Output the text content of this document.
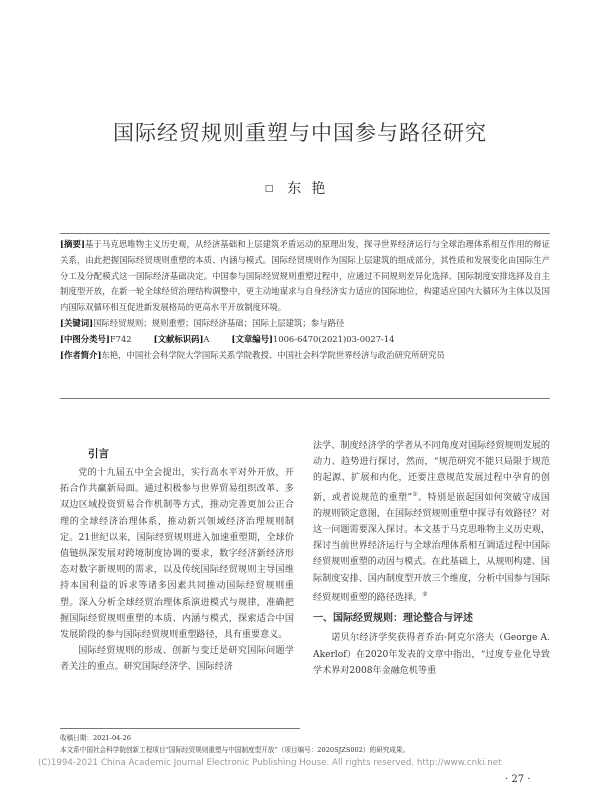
国际经贸规则重塑与中国参与路径研究
□ 东艳

[摘要]基于马克思唯物主义历史观，从经济基础和上层建筑矛盾运动的原理出发，探寻世界经济运行与全球治理体系相互作用的辩证关系，由此把握国际经贸规则重塑的本质、内涵与模式。国际经贸规则作为国际上层建筑的组成部分，其性质和发展变化由国际生产分工及分配模式这一国际经济基础决定。中国参与国际经贸规则重塑过程中，应通过不同规则差异化选择、国际制度安排选择及自主制度型开放，在新一轮全球经贸治理结构调整中，更主动地谋求与自身经济实力适应的国际地位，构建适应国内大循环为主体以及国内国际双循环相互促进新发展格局的更高水平开放制度环境。

[关键词]国际经贸规则；规则重塑；国际经济基础；国际上层建筑；参与路径

[中图分类号]F742	[文献标识码]A	[文章编号]1006-6470(2021)03-0027-14

[作者简介]东艳，中国社会科学院大学国际关系学院教授、中国社会科学院世界经济与政治研究所研究员

引言

党的十九届五中全会提出，实行高水平对外开放，开拓合作共赢新局面。通过积极参与世界贸易组织改革、多双边区域投资贸易合作机制等方式，推动完善更加公正合理的全球经济治理体系，推动新兴领域经济治理规则制定。21世纪以来，国际经贸规则进入加速重塑期，全球价值链纵深发展对跨境制度协调的要求，数字经济新经济形态对数字新规则的需求，以及传统国际经贸规则主导国维持本国利益的诉求等诸多因素共同推动国际经贸规则重塑。深入分析全球经贸治理体系演进模式与规律，准确把握国际经贸规则重塑的本质、内涵与模式，探索适合中国发展阶段的参与国际经贸规则重塑路径，具有重要意义。

国际经贸规则的形成、创新与变迁是研究国际问题学者关注的重点。研究国际经济学、国际经济

法学、制度经济学的学者从不同角度对国际经贸规则发展的动力、趋势进行探讨，然而，“规范研究不能只局限于规范的起源、扩展和内化，还要注意规范发展过程中孕育的创新，或者说规范的重塑”①。特别是嵌起国如何突破守成国的规则锁定意图，在国际经贸规则重塑中探寻有效路径？对这一问题需要深入探讨。本文基于马克思唯物主义历史观，探讨当前世界经济运行与全球治理体系相互调适过程中国际经贸规则重塑的动因与模式。在此基础上，从规则构建、国际制度安排、国内制度型开放三个维度，分析中国参与国际经贸规则重塑的路径选择。②

一、国际经贸规则：理论整合与评述

诺贝尔经济学奖获得者乔治·阿克尔洛夫（George A. Akerlof）在2020年发表的文章中指出，“过度专业化导致学术界对2008年金融危机等重

收稿日期：2021-04-26
本文系中国社会科学院创新工程项目“国际经贸规则重塑与中国制度型开放”（项目编号：2020SJZS002）的研究成果。
(C)1994-2021 China Academic Journal Electronic Publishing House. All rights reserved. http://www.cnki.net
· 27 ·
